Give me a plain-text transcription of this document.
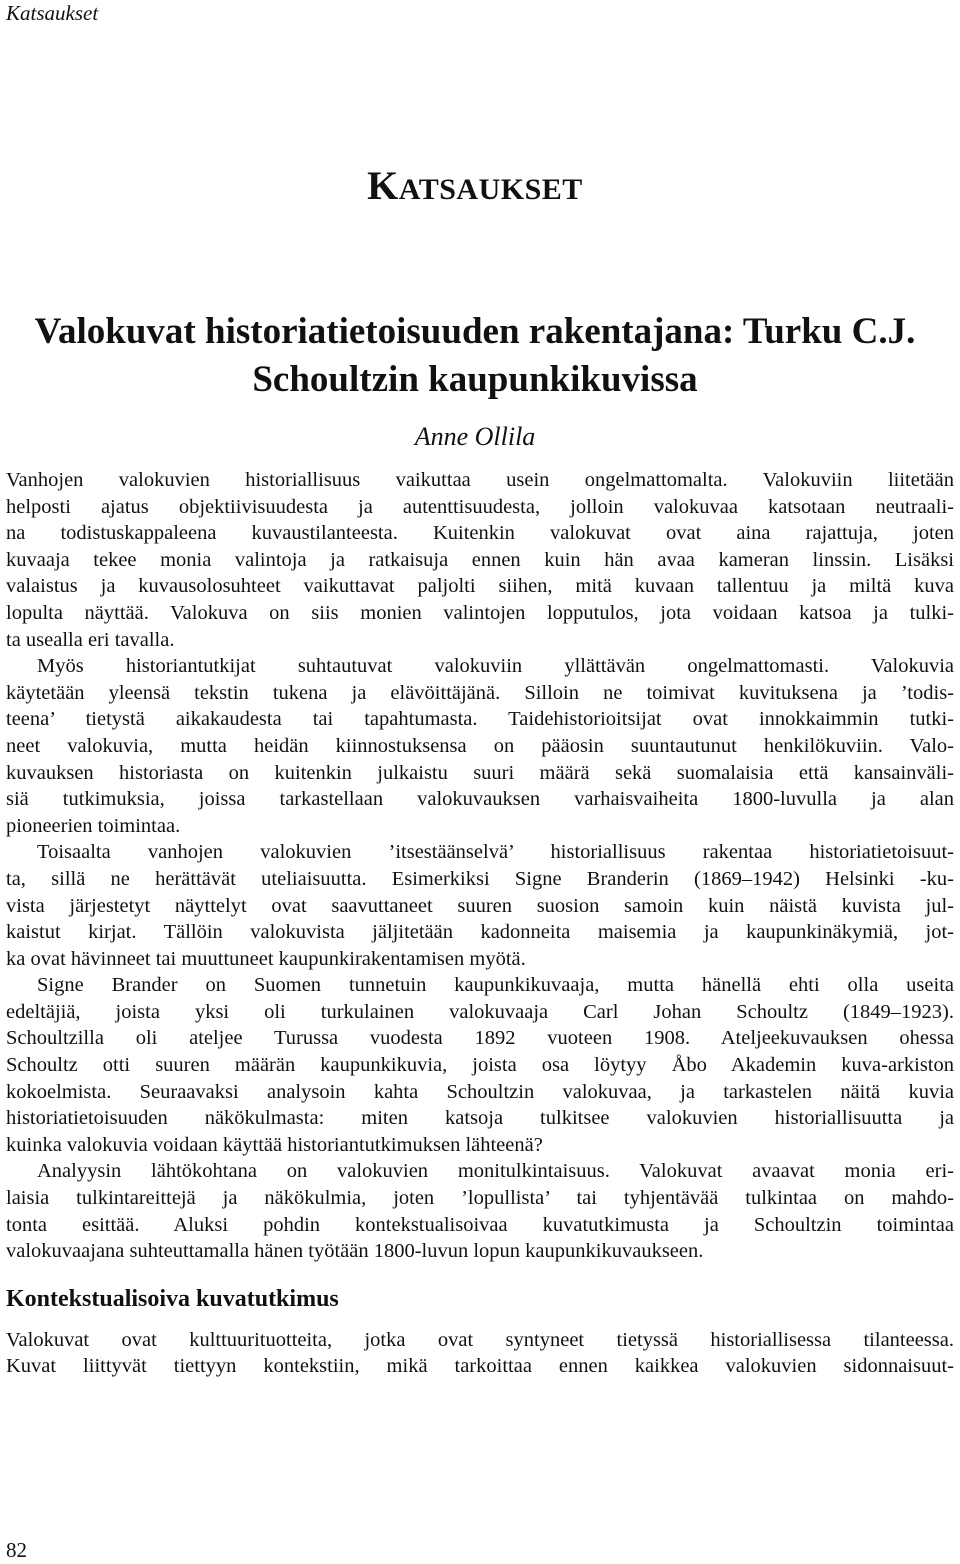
Katsaukset
KATSAUKSET
Valokuvat historiatietoisuuden rakentajana: Turku C.J.
Schoultzin kaupunkikuvissa
Anne Ollila

Vanhojen valokuvien historiallisuus vaikuttaa usein ongelmattomalta. Valokuviin liitetään
helposti ajatus objektiivisuudesta ja autenttisuudesta, jolloin valokuvaa katsotaan neutraali-
na todistuskappaleena kuvaustilanteesta. Kuitenkin valokuvat ovat aina rajattuja, joten
kuvaaja tekee monia valintoja ja ratkaisuja ennen kuin hän avaa kameran linssin. Lisäksi
valaistus ja kuvausolosuhteet vaikuttavat paljolti siihen, mitä kuvaan tallentuu ja miltä kuva
lopulta näyttää. Valokuva on siis monien valintojen lopputulos, jota voidaan katsoa ja tulki-
ta usealla eri tavalla.

Myös historiantutkijat suhtautuvat valokuviin yllättävän ongelmattomasti. Valokuvia
käytetään yleensä tekstin tukena ja elävöittäjänä. Silloin ne toimivat kuvituksena ja ’todis-
teena’ tietystä aikakaudesta tai tapahtumasta. Taidehistorioitsijat ovat innokkaimmin tutki-
neet valokuvia, mutta heidän kiinnostuksensa on pääosin suuntautunut henkilökuviin. Valo-
kuvauksen historiasta on kuitenkin julkaistu suuri määrä sekä suomalaisia että kansainväli-
siä tutkimuksia, joissa tarkastellaan valokuvauksen varhaisvaiheita 1800-luvulla ja alan
pioneerien toimintaa.

Toisaalta vanhojen valokuvien ’itsestäänselvä’ historiallisuus rakentaa historiatietoisuut-
ta, sillä ne herättävät uteliaisuutta. Esimerkiksi Signe Branderin (1869–1942) Helsinki -ku-
vista järjestetyt näyttelyt ovat saavuttaneet suuren suosion samoin kuin näistä kuvista jul-
kaistut kirjat. Tällöin valokuvista jäljitetään kadonneita maisemia ja kaupunkinäkymiä, jot-
ka ovat hävinneet tai muuttuneet kaupunkirakentamisen myötä.

Signe Brander on Suomen tunnetuin kaupunkikuvaaja, mutta hänellä ehti olla useita
edeltäjiä, joista yksi oli turkulainen valokuvaaja Carl Johan Schoultz (1849–1923).
Schoultzilla oli ateljee Turussa vuodesta 1892 vuoteen 1908. Ateljeekuvauksen ohessa
Schoultz otti suuren määrän kaupunkikuvia, joista osa löytyy Åbo Akademin kuva-arkiston
kokoelmista. Seuraavaksi analysoin kahta Schoultzin valokuvaa, ja tarkastelen näitä kuvia
historiatietoisuuden näkökulmasta: miten katsoja tulkitsee valokuvien historiallisuutta ja
kuinka valokuvia voidaan käyttää historiantutkimuksen lähteenä?

Analyysin lähtökohtana on valokuvien monitulkintaisuus. Valokuvat avaavat monia eri-
laisia tulkintareittejä ja näkökulmia, joten ’lopullista’ tai tyhjentävää tulkintaa on mahdo-
tonta esittää. Aluksi pohdin kontekstualisoivaa kuvatutkimusta ja Schoultzin toimintaa
valokuvaajana suhteuttamalla hänen työtään 1800-luvun lopun kaupunkikuvaukseen.

Kontekstualisoiva kuvatutkimus

Valokuvat ovat kulttuurituotteita, jotka ovat syntyneet tietyssä historiallisessa tilanteessa.
Kuvat liittyvät tiettyyn kontekstiin, mikä tarkoittaa ennen kaikkea valokuvien sidonnaisuut-

82
